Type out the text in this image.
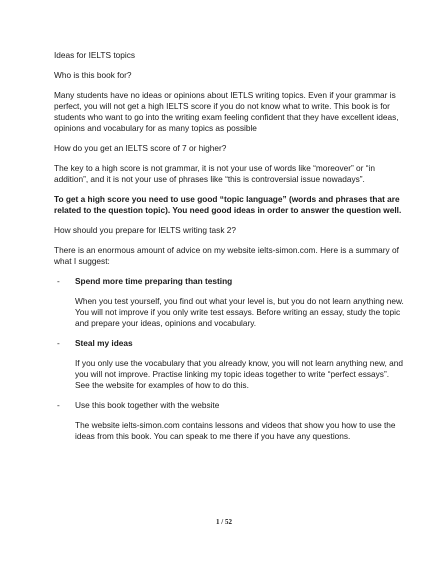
Ideas for IELTS topics

Who is this book for?

Many students have no ideas or opinions about IETLS writing topics. Even if your grammar is perfect, you will not get a high IELTS score if you do not know what to write. This book is for students who want to go into the writing exam feeling confident that they have excellent ideas, opinions and vocabulary for as many topics as possible

How do you get an IELTS score of 7 or higher?

The key to a high score is not grammar, it is not your use of words like “moreover” or “in addition”, and it is not your use of phrases like “this is controversial issue nowadays”.

To get a high score you need to use good “topic language” (words and phrases that are related to the question topic). You need good ideas in order to answer the question well.

How should you prepare for IELTS writing task 2?

There is an enormous amount of advice on my website ielts-simon.com. Here is a summary of what I suggest:

-	Spend more time preparing than testing

When you test yourself, you find out what your level is, but you do not learn anything new. You will not improve if you only write test essays. Before writing an essay, study the topic and prepare your ideas, opinions and vocabulary.

-	Steal my ideas

If you only use the vocabulary that you already know, you will not learn anything new, and you will not improve. Practise linking my topic ideas together to write “perfect essays”. See the website for examples of how to do this.

-	Use this book together with the website

The website ielts-simon.com contains lessons and videos that show you how to use the ideas from this book. You can speak to me there if you have any questions.

1 / 52
